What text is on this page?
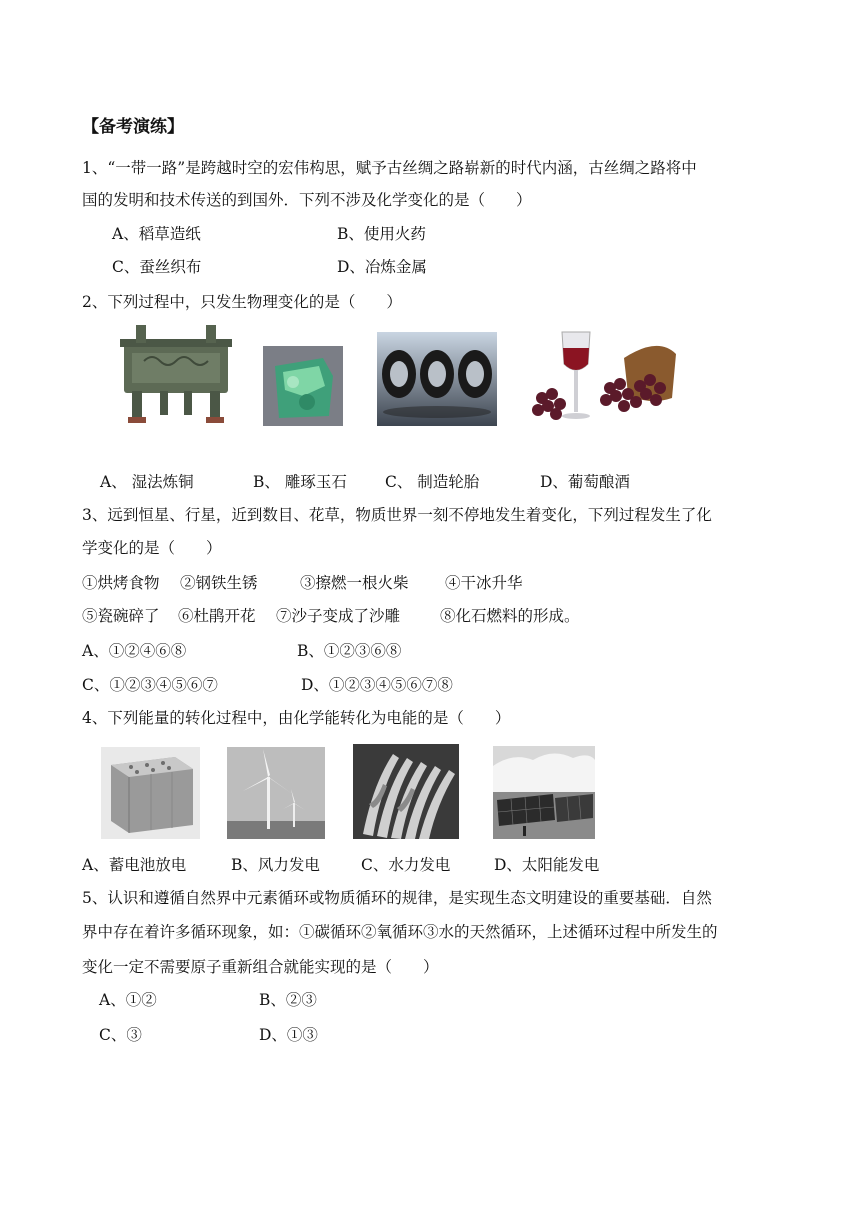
【备考演练】
1、“一带一路”是跨越时空的宏伟构思，赋予古丝绸之路崭新的时代内涵，古丝绸之路将中
国的发明和技术传送的到国外．下列不涉及化学变化的是（　　）
A、稻草造纸	B、使用火药
C、蚕丝织布	D、冶炼金属
2、下列过程中，只发生物理变化的是（　　）
A、 湿法炼铜	B、 雕琢玉石 C、 制造轮胎	D、葡萄酿酒
3、远到恒星、行星，近到数目、花草，物质世界一刻不停地发生着变化，下列过程发生了化
学变化的是（　　）
①烘烤食物 ②钢铁生锈	③擦燃一根火柴 ④干冰升华
⑤瓷碗碎了 ⑥杜鹃开花 ⑦沙子变成了沙雕	⑧化石燃料的形成。
A、①②④⑥⑧	B、①②③⑥⑧
C、①②③④⑤⑥⑦	D、①②③④⑤⑥⑦⑧
4、下列能量的转化过程中，由化学能转化为电能的是（　　）
A、蓄电池放电	B、风力发电	C、水力发电	D、太阳能发电
5、认识和遵循自然界中元素循环或物质循环的规律，是实现生态文明建设的重要基础．自然
界中存在着许多循环现象，如：①碳循环②氧循环③水的天然循环，上述循环过程中所发生的
变化一定不需要原子重新组合就能实现的是（　　）
A、①②	B、②③
C、③	D、①③
